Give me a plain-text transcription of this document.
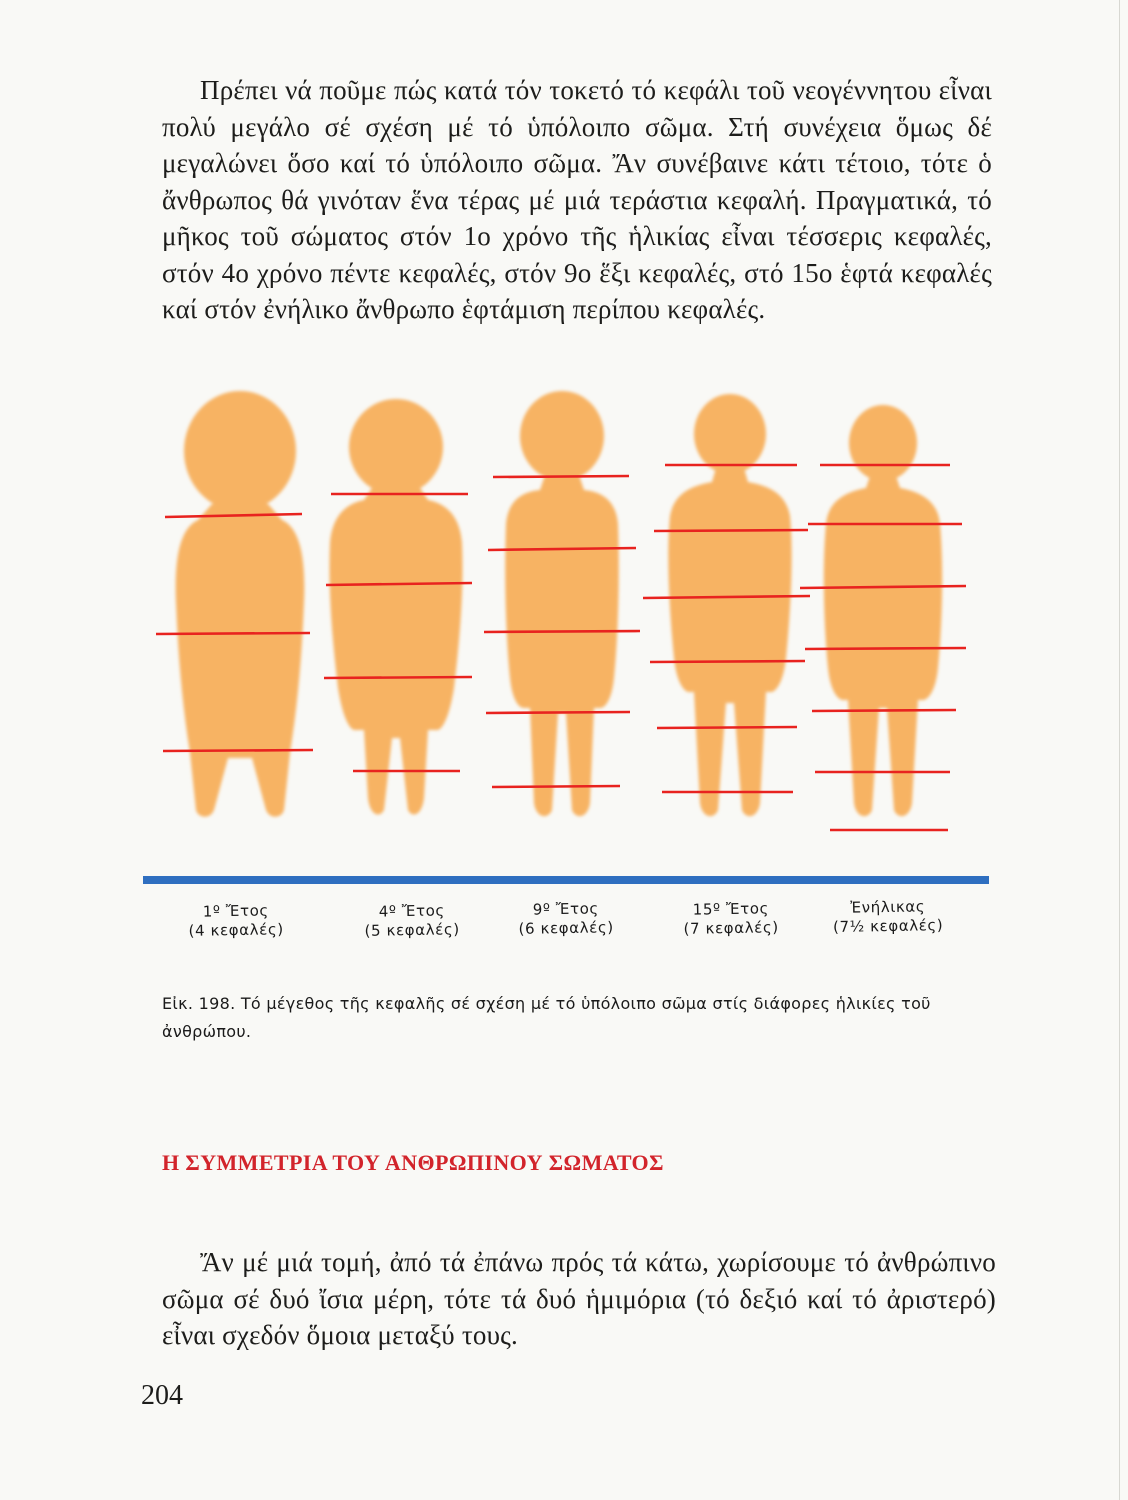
Πρέπει νά ποῦμε πώς κατά τόν τοκετό τό κεφάλι τοῦ νεογέννητου εἶναι πολύ μεγάλο σέ σχέση μέ τό ὑπόλοιπο σῶμα. Στή συνέχεια ὅμως δέ μεγαλώνει ὅσο καί τό ὑπόλοιπο σῶμα. Ἄν συνέβαινε κάτι τέτοιο, τότε ὁ ἄνθρωπος θά γινόταν ἕνα τέρας μέ μιά τεράστια κεφαλή. Πραγματικά, τό μῆκος τοῦ σώματος στόν 1ο χρόνο τῆς ἡλικίας εἶναι τέσσερις κεφαλές, στόν 4ο χρόνο πέντε κεφαλές, στόν 9ο ἕξι κεφαλές, στό 15ο ἑφτά κεφαλές καί στόν ἐνήλικο ἄνθρωπο ἑφτάμιση περίπου κεφαλές.

1º Ἔτος
(4 κεφαλές)
4º Ἔτος
(5 κεφαλές)
9º Ἔτος
(6 κεφαλές)
15º Ἔτος
(7 κεφαλές)
Ἐνήλικας
(7½ κεφαλές)

Εἰκ. 198. Τό μέγεθος τῆς κεφαλῆς σέ σχέση μέ τό ὑπόλοιπο σῶμα στίς διάφορες ἡλικίες τοῦ ἀνθρώπου.

Η ΣΥΜΜΕΤΡΙΑ ΤΟΥ ΑΝΘΡΩΠΙΝΟΥ ΣΩΜΑΤΟΣ

Ἄν μέ μιά τομή, ἀπό τά ἐπάνω πρός τά κάτω, χωρίσουμε τό ἀνθρώπινο σῶμα σέ δυό ἴσια μέρη, τότε τά δυό ἡμιμόρια (τό δεξιό καί τό ἀριστερό) εἶναι σχεδόν ὅμοια μεταξύ τους.

204
